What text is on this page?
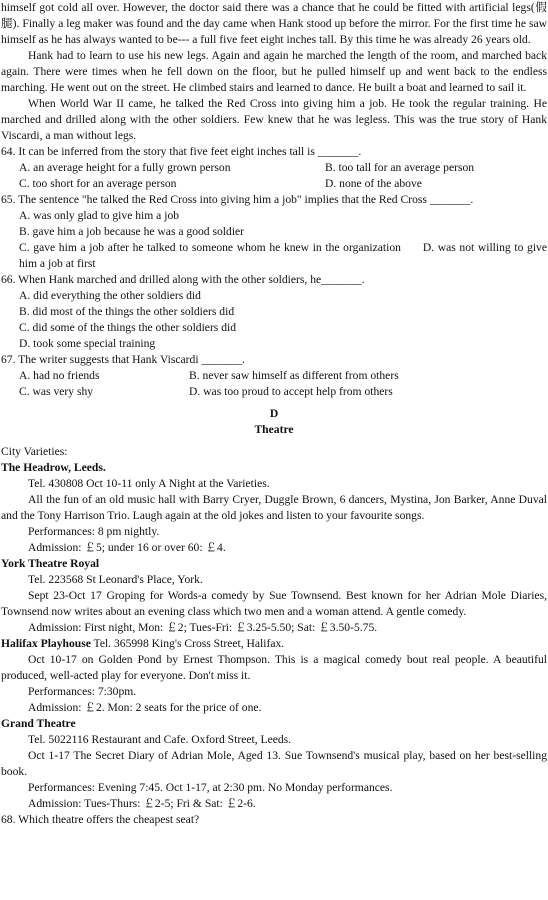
himself got cold all over. However, the doctor said there was a chance that he could be fitted with artificial legs(假腿). Finally a leg maker was found and the day came when Hank stood up before the mirror. For the first time he saw himself as he has always wanted to be--- a full five feet eight inches tall. By this time he was already 26 years old.

Hank had to learn to use his new legs. Again and again he marched the length of the room, and marched back again. There were times when he fell down on the floor, but he pulled himself up and went back to the endless marching. He went out on the street. He climbed stairs and learned to dance. He built a boat and learned to sail it.

When World War II came, he talked the Red Cross into giving him a job. He took the regular training. He marched and drilled along with the other soldiers. Few knew that he was legless. This was the true story of Hank Viscardi, a man without legs.

64. It can be inferred from the story that five feet eight inches tall is _______.

A. an average height for a fully grown person	B. too tall for an average person
C. too short for an average person	D. none of the above

65. The sentence "he talked the Red Cross into giving him a job" implies that the Red Cross _______.

A. was only glad to give him a job

B. gave him a job because he was a good soldier

C. gave him a job after he talked to someone whom he knew in the organization D. was not willing to give him a job at first

66. When Hank marched and drilled along with the other soldiers, he_______.

A. did everything the other soldiers did

B. did most of the things the other soldiers did

C. did some of the things the other soldiers did

D. took some special training

67. The writer suggests that Hank Viscardi _______.

A. had no friends	B. never saw himself as different from others
C. was very shy	D. was too proud to accept help from others
D
Theatre

City Varieties:

The Headrow, Leeds.

Tel. 430808 Oct 10-11 only A Night at the Varieties.

All the fun of an old music hall with Barry Cryer, Duggle Brown, 6 dancers, Mystina, Jon Barker, Anne Duval and the Tony Harrison Trio. Laugh again at the old jokes and listen to your favourite songs.

Performances: 8 pm nightly.

Admission: ￡5; under 16 or over 60: ￡4.

York Theatre Royal

Tel. 223568 St Leonard's Place, York.

Sept 23-Oct 17 Groping for Words-a comedy by Sue Townsend. Best known for her Adrian Mole Diaries, Townsend now writes about an evening class which two men and a woman attend. A gentle comedy.

Admission: First night, Mon: ￡2; Tues-Fri: ￡3.25-5.50; Sat: ￡3.50-5.75.

Halifax Playhouse Tel. 365998 King's Cross Street, Halifax.

Oct 10-17 on Golden Pond by Ernest Thompson. This is a magical comedy bout real people. A beautiful produced, well-acted play for everyone. Don't miss it.

Performances: 7:30pm.

Admission: ￡2. Mon: 2 seats for the price of one.

Grand Theatre

Tel. 5022116 Restaurant and Cafe. Oxford Street, Leeds.

Oct 1-17 The Secret Diary of Adrian Mole, Aged 13. Sue Townsend's musical play, based on her best-selling book.

Performances: Evening 7:45. Oct 1-17, at 2:30 pm. No Monday performances.

Admission: Tues-Thurs: ￡2-5; Fri & Sat: ￡2-6.

68. Which theatre offers the cheapest seat?
